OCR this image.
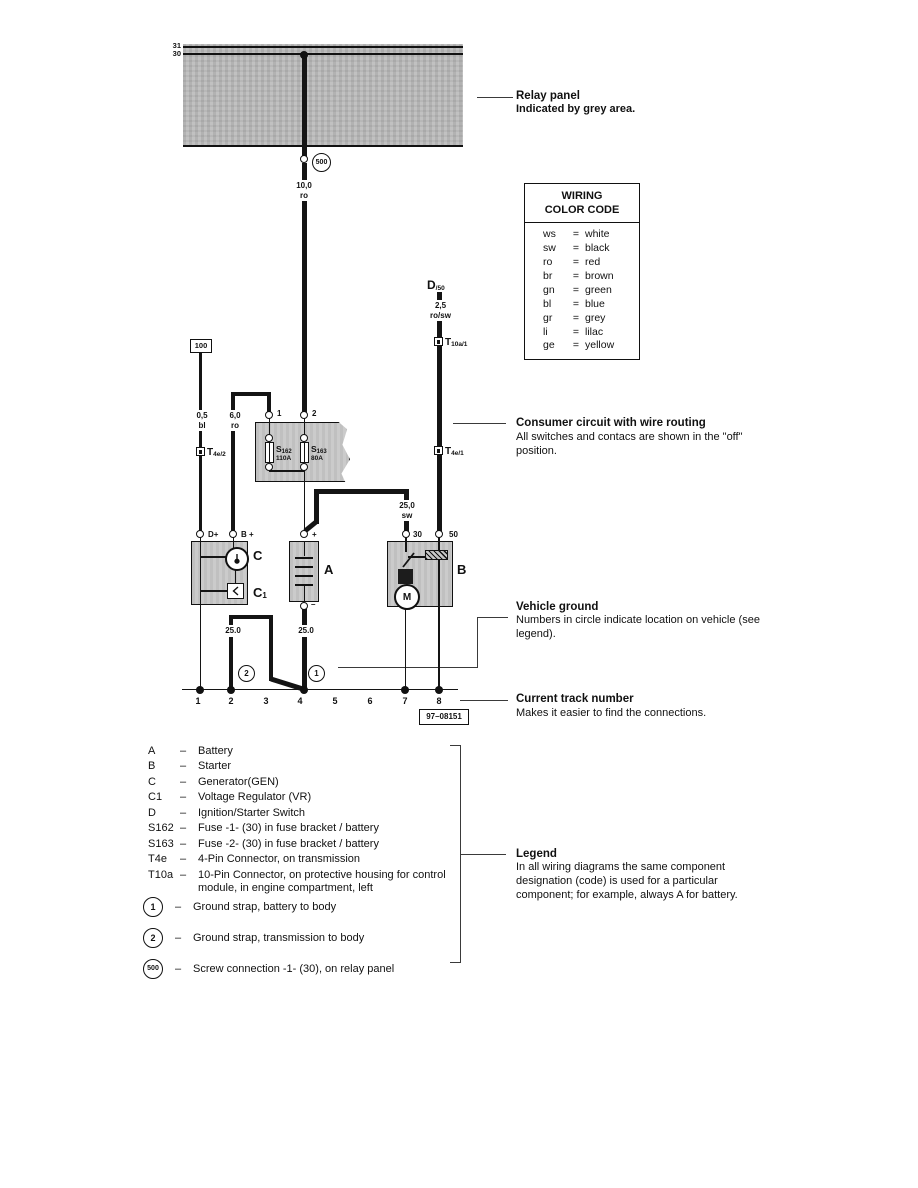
31
30
500
10,0
ro
D/50
2,5
ro/sw
T10a/1
T4e/1
100
0,5
bl
T4e/2
6,0
ro
1	2
S162
110A
S163
80A
D+	B +
C
C1
+
–
A
25,0
sw
30	50
M
B
25.0	25.0
2	1
1	2	3	4	5	6	7	8
97–08151
WIRING
COLOR CODE
ws	=	white
sw	=	black
ro	=	red
br	=	brown
gn	=	green
bl	=	blue
gr	=	grey
li	=	lilac
ge	=	yellow
Relay panel
Indicated by grey area.
Consumer circuit with wire routing
All switches and contacs are shown in the "off" position.
Vehicle ground
Numbers in circle indicate location on vehicle (see legend).
Current track number
Makes it easier to find the connections.
Legend
In all wiring diagrams the same component designation (code) is used for a particular component; for example, always A for battery.
A	–	Battery
B	–	Starter
C	–	Generator(GEN)
C1	–	Voltage Regulator (VR)
D	–	Ignition/Starter Switch
S162 –	Fuse -1- (30) in fuse bracket / battery
S163 –	Fuse -2- (30) in fuse bracket / battery
T4e	–	4-Pin Connector, on transmission
T10a –	10-Pin Connector, on protective housing for control module, in engine compartment, left
1	–	Ground strap, battery to body
2	–	Ground strap, transmission to body
500	–	Screw connection -1- (30), on relay panel
